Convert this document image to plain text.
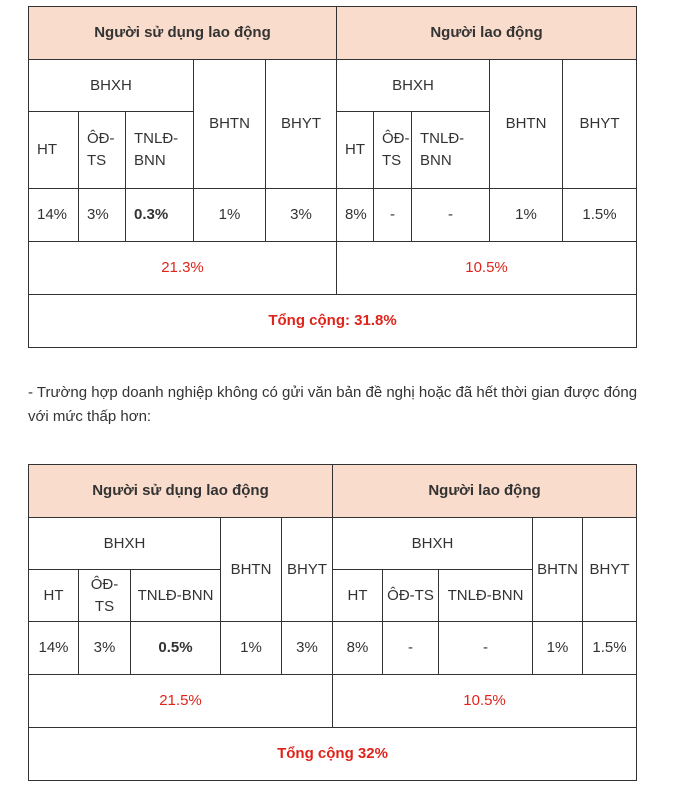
Người sử dụng lao động					Người lao động				
BHXH			BHTN	BHYT	BHXH			BHTN	BHYT
HT	ÔĐ-TS	TNLĐ-BNN			HT	ÔĐ-TS	TNLĐ-BNN		
14%	3%	0.3%	1%	3%	8%	-	-	1%	1.5%
21.3%					10.5%				
Tổng cộng: 31.8%									

- Trường hợp doanh nghiệp không có gửi văn bản đề nghị hoặc đã hết thời gian được đóng với mức thấp hơn:

Người sử dụng lao động					Người lao động				
BHXH			BHTN	BHYT	BHXH			BHTN	BHYT
HT	ÔĐ-TS	TNLĐ-BNN			HT	ÔĐ-TS	TNLĐ-BNN		
14%	3%	0.5%	1%	3%	8%	-	-	1%	1.5%
21.5%					10.5%				
Tổng cộng 32%									
